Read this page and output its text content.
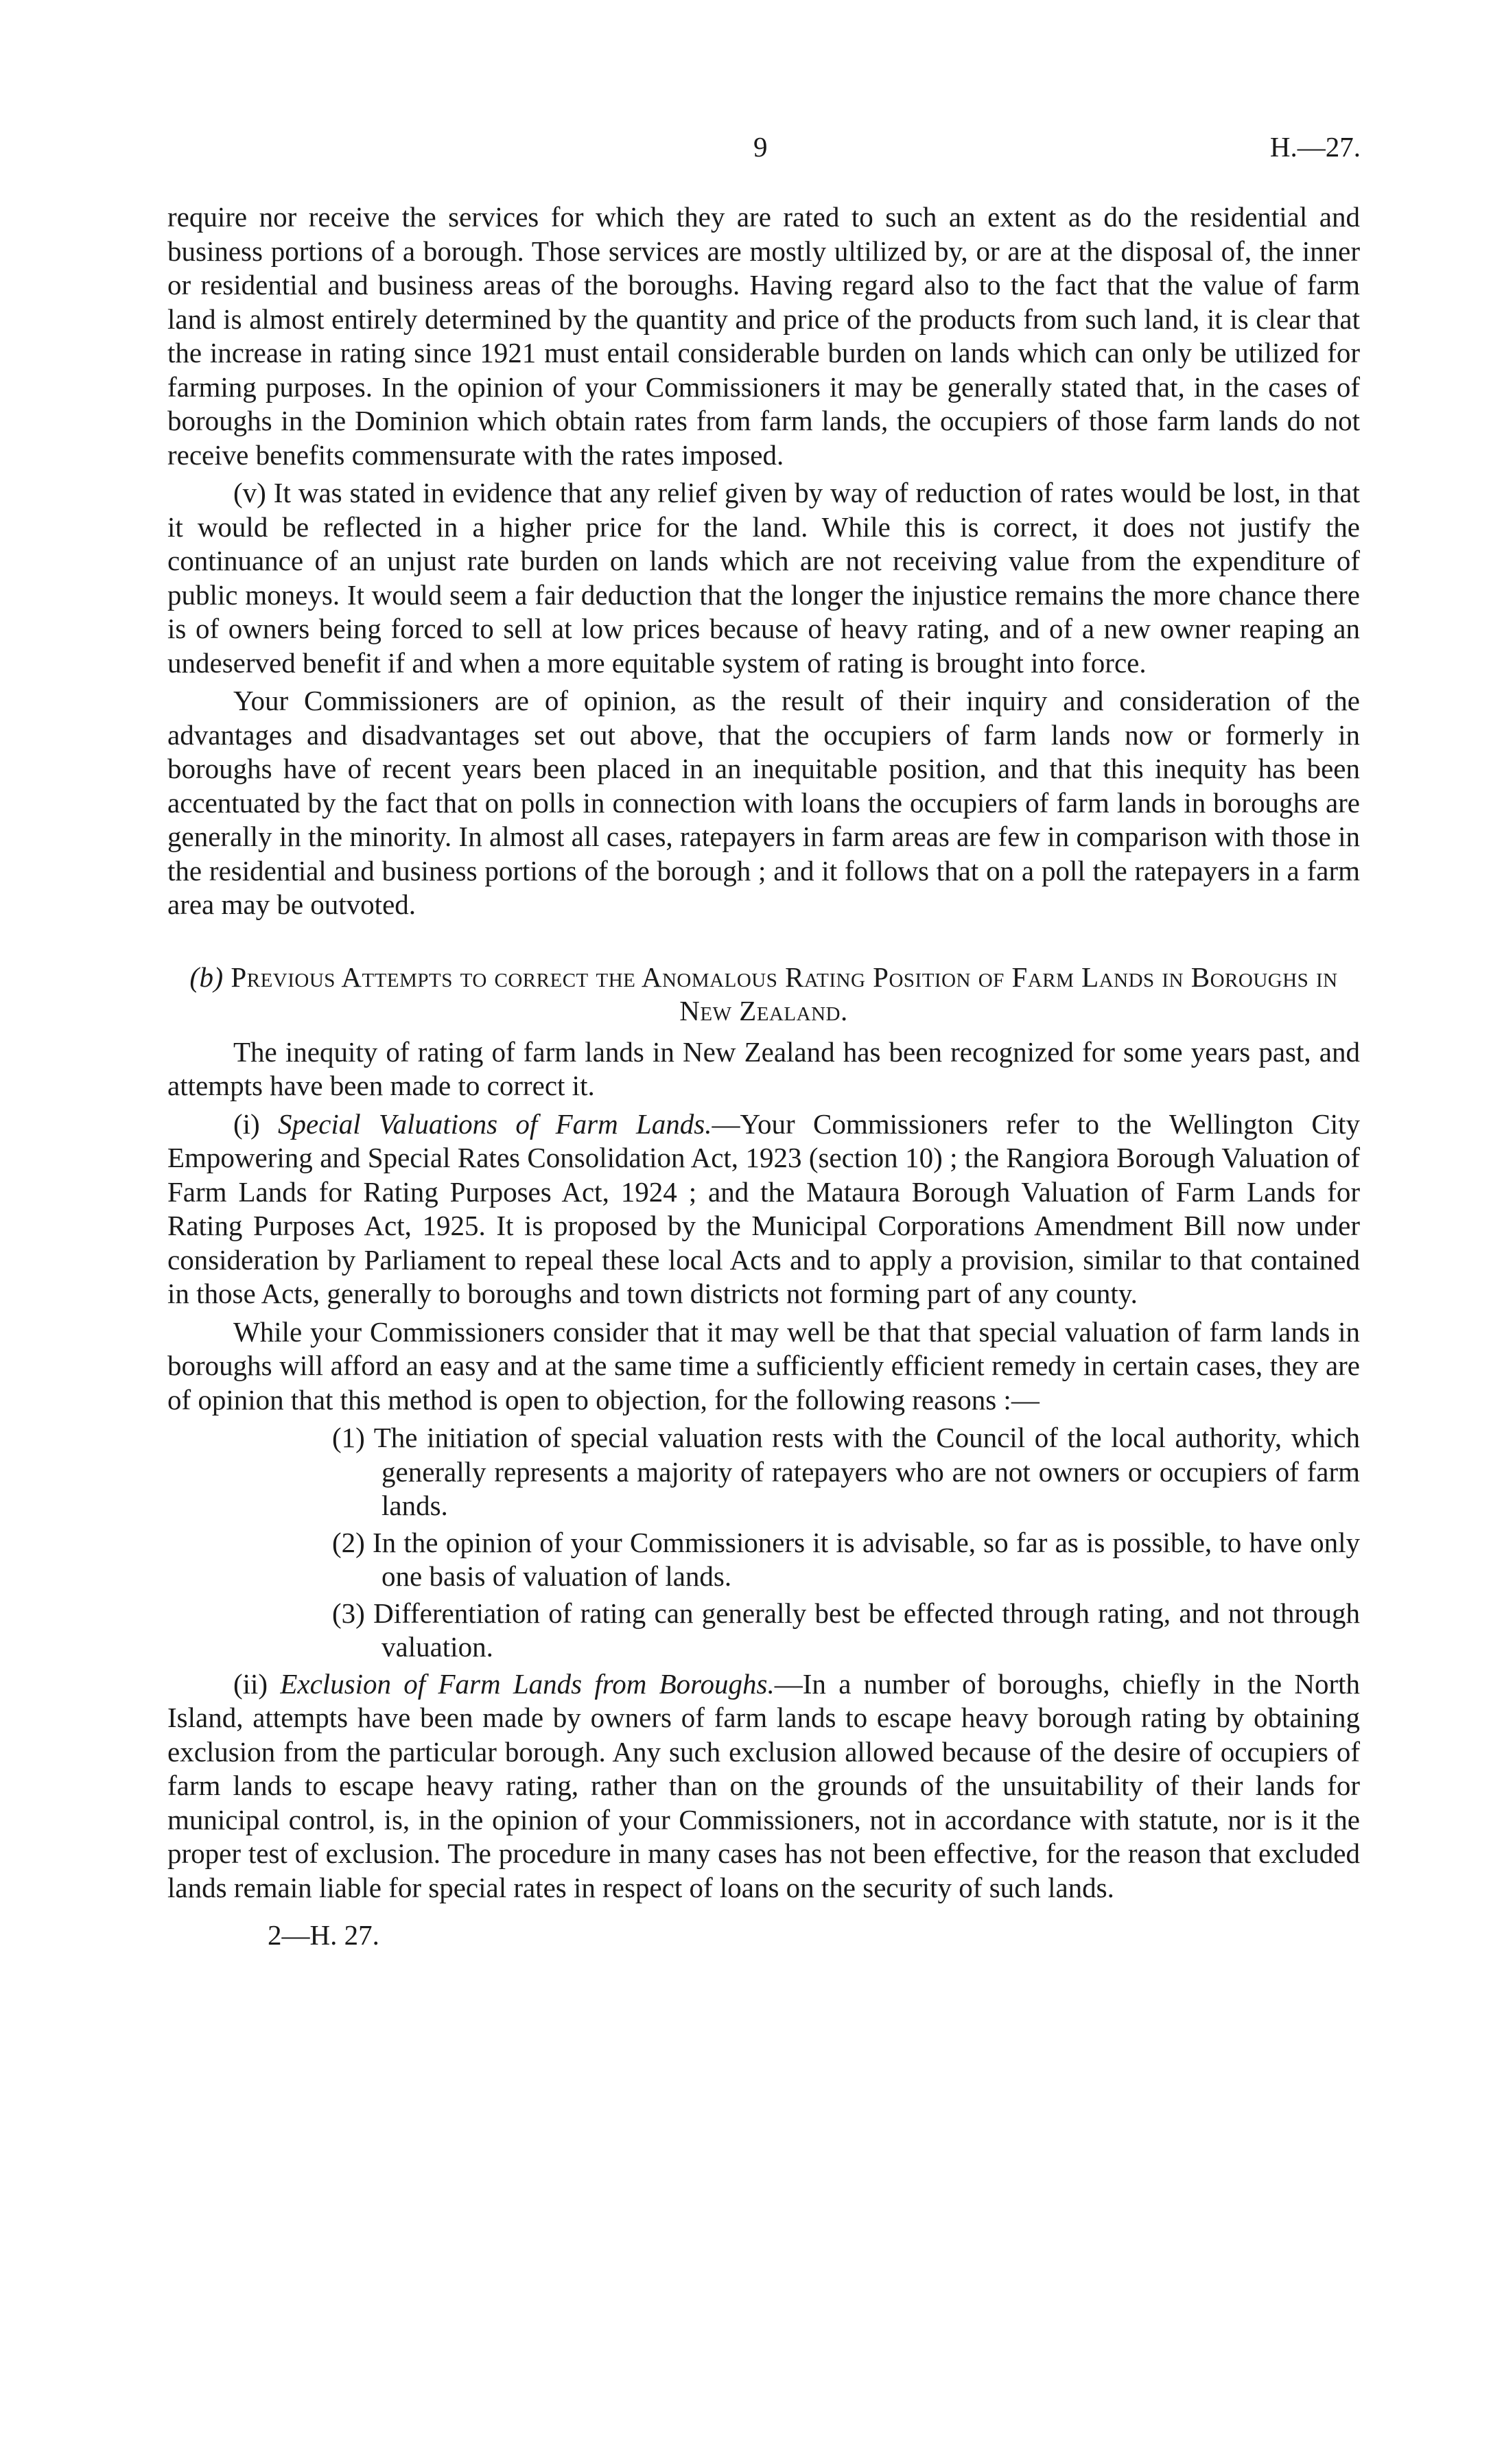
9	H.—27.

require nor receive the services for which they are rated to such an extent as do the residential and business portions of a borough. Those services are mostly ultilized by, or are at the disposal of, the inner or residential and business areas of the boroughs. Having regard also to the fact that the value of farm land is almost entirely determined by the quantity and price of the products from such land, it is clear that the increase in rating since 1921 must entail considerable burden on lands which can only be utilized for farming purposes. In the opinion of your Commissioners it may be generally stated that, in the cases of boroughs in the Dominion which obtain rates from farm lands, the occupiers of those farm lands do not receive benefits commensurate with the rates imposed.

(v) It was stated in evidence that any relief given by way of reduction of rates would be lost, in that it would be reflected in a higher price for the land. While this is correct, it does not justify the continuance of an unjust rate burden on lands which are not receiving value from the expenditure of public moneys. It would seem a fair deduction that the longer the injustice remains the more chance there is of owners being forced to sell at low prices because of heavy rating, and of a new owner reaping an undeserved benefit if and when a more equitable system of rating is brought into force.

Your Commissioners are of opinion, as the result of their inquiry and consideration of the advantages and disadvantages set out above, that the occupiers of farm lands now or formerly in boroughs have of recent years been placed in an inequitable position, and that this inequity has been accentuated by the fact that on polls in connection with loans the occupiers of farm lands in boroughs are generally in the minority. In almost all cases, ratepayers in farm areas are few in comparison with those in the residential and business portions of the borough ; and it follows that on a poll the ratepayers in a farm area may be outvoted.

(b) Previous Attempts to correct the Anomalous Rating Position of Farm Lands in Boroughs in New Zealand.

The inequity of rating of farm lands in New Zealand has been recognized for some years past, and attempts have been made to correct it.

(i) Special Valuations of Farm Lands.—Your Commissioners refer to the Wellington City Empowering and Special Rates Consolidation Act, 1923 (section 10) ; the Rangiora Borough Valuation of Farm Lands for Rating Purposes Act, 1924 ; and the Mataura Borough Valuation of Farm Lands for Rating Purposes Act, 1925. It is proposed by the Municipal Corporations Amendment Bill now under consideration by Parliament to repeal these local Acts and to apply a provision, similar to that contained in those Acts, generally to boroughs and town districts not forming part of any county.

While your Commissioners consider that it may well be that that special valuation of farm lands in boroughs will afford an easy and at the same time a sufficiently efficient remedy in certain cases, they are of opinion that this method is open to objection, for the following reasons :—

(1) The initiation of special valuation rests with the Council of the local authority, which generally represents a majority of ratepayers who are not owners or occupiers of farm lands.

(2) In the opinion of your Commissioners it is advisable, so far as is possible, to have only one basis of valuation of lands.

(3) Differentiation of rating can generally best be effected through rating, and not through valuation.

(ii) Exclusion of Farm Lands from Boroughs.—In a number of boroughs, chiefly in the North Island, attempts have been made by owners of farm lands to escape heavy borough rating by obtaining exclusion from the particular borough. Any such exclusion allowed because of the desire of occupiers of farm lands to escape heavy rating, rather than on the grounds of the unsuitability of their lands for municipal control, is, in the opinion of your Commissioners, not in accordance with statute, nor is it the proper test of exclusion. The procedure in many cases has not been effective, for the reason that excluded lands remain liable for special rates in respect of loans on the security of such lands.

2—H. 27.
